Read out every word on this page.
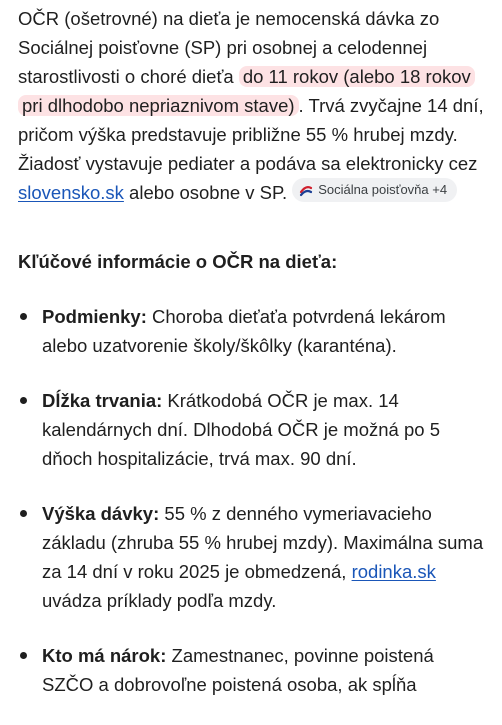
OČR (ošetrovné) na dieťa je nemocenská dávka zo Sociálnej poisťovne (SP) pri osobnej a celodennej starostlivosti o choré dieťa do 11 rokov (alebo 18 rokov pri dlhodobo nepriaznivom stave) . Trvá zvyčajne 14 dní, pričom výška predstavuje približne 55 % hrubej mzdy. Žiadosť vystavuje pediater a podáva sa elektronicky cez slovensko.sk alebo osobne v SP. Sociálna poisťovňa +4

Kľúčové informácie o OČR na dieťa:
Podmienky: Choroba dieťaťa potvrdená lekárom alebo uzatvorenie školy/škôlky (karanténa).
Dĺžka trvania: Krátkodobá OČR je max. 14 kalendárnych dní. Dlhodobá OČR je možná po 5 dňoch hospitalizácie, trvá max. 90 dní.
Výška dávky: 55 % z denného vymeriavacieho základu (zhruba 55 % hrubej mzdy). Maximálna suma za 14 dní v roku 2025 je obmedzená, rodinka.sk uvádza príklady podľa mzdy.
Kto má nárok: Zamestnanec, povinne poistená SZČO a dobrovoľne poistená osoba, ak spĺňa
